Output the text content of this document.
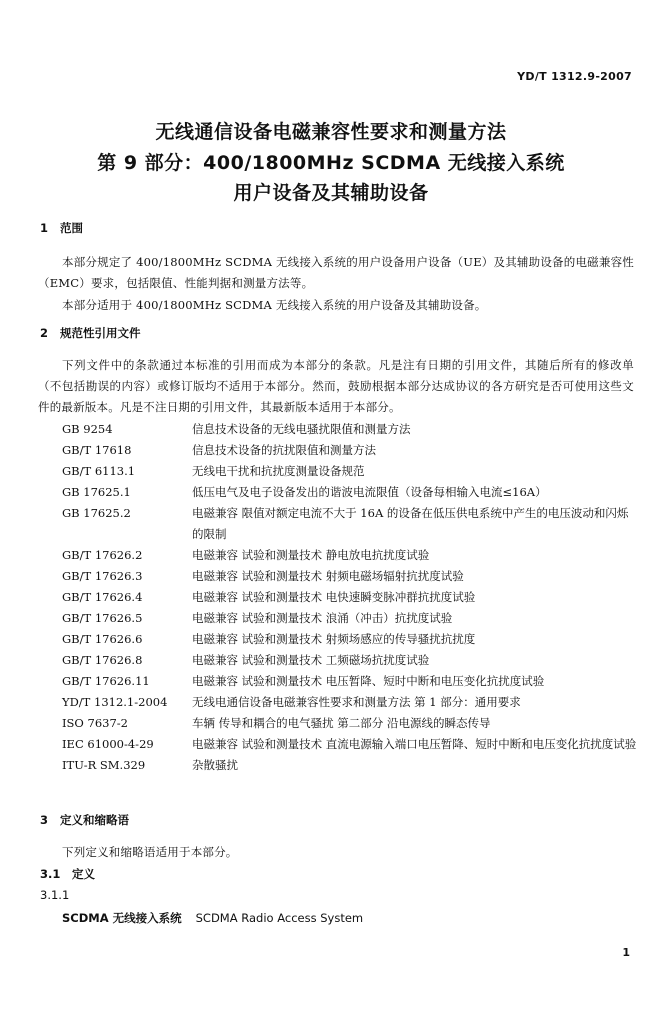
YD/T 1312.9-2007
无线通信设备电磁兼容性要求和测量方法
第 9 部分：400/1800MHz SCDMA 无线接入系统
用户设备及其辅助设备
1 范围
本部分规定了 400/1800MHz SCDMA 无线接入系统的用户设备用户设备（UE）及其辅助设备的电磁兼容性（EMC）要求，包括限值、性能判据和测量方法等。
本部分适用于 400/1800MHz SCDMA 无线接入系统的用户设备及其辅助设备。
2 规范性引用文件
下列文件中的条款通过本标准的引用而成为本部分的条款。凡是注有日期的引用文件，其随后所有的修改单（不包括勘误的内容）或修订版均不适用于本部分。然而，鼓励根据本部分达成协议的各方研究是否可使用这些文件的最新版本。凡是不注日期的引用文件，其最新版本适用于本部分。
GB 9254	信息技术设备的无线电骚扰限值和测量方法
GB/T 17618	信息技术设备的抗扰限值和测量方法
GB/T 6113.1	无线电干扰和抗扰度测量设备规范
GB 17625.1	低压电气及电子设备发出的谐波电流限值（设备每相输入电流≤16A）
GB 17625.2	电磁兼容 限值对额定电流不大于 16A 的设备在低压供电系统中产生的电压波动和闪烁的限制
GB/T 17626.2	电磁兼容 试验和测量技术 静电放电抗扰度试验
GB/T 17626.3	电磁兼容 试验和测量技术 射频电磁场辐射抗扰度试验
GB/T 17626.4	电磁兼容 试验和测量技术 电快速瞬变脉冲群抗扰度试验
GB/T 17626.5	电磁兼容 试验和测量技术 浪涌（冲击）抗扰度试验
GB/T 17626.6	电磁兼容 试验和测量技术 射频场感应的传导骚扰抗扰度
GB/T 17626.8	电磁兼容 试验和测量技术 工频磁场抗扰度试验
GB/T 17626.11	电磁兼容 试验和测量技术 电压暂降、短时中断和电压变化抗扰度试验
YD/T 1312.1-2004	无线电通信设备电磁兼容性要求和测量方法 第 1 部分：通用要求
ISO 7637-2	车辆 传导和耦合的电气骚扰 第二部分 沿电源线的瞬态传导
IEC 61000-4-29	电磁兼容 试验和测量技术 直流电源输入端口电压暂降、短时中断和电压变化抗扰度试验
ITU-R SM.329	杂散骚扰
3 定义和缩略语
下列定义和缩略语适用于本部分。
3.1 定义
3.1.1
SCDMA 无线接入系统 SCDMA Radio Access System
1
